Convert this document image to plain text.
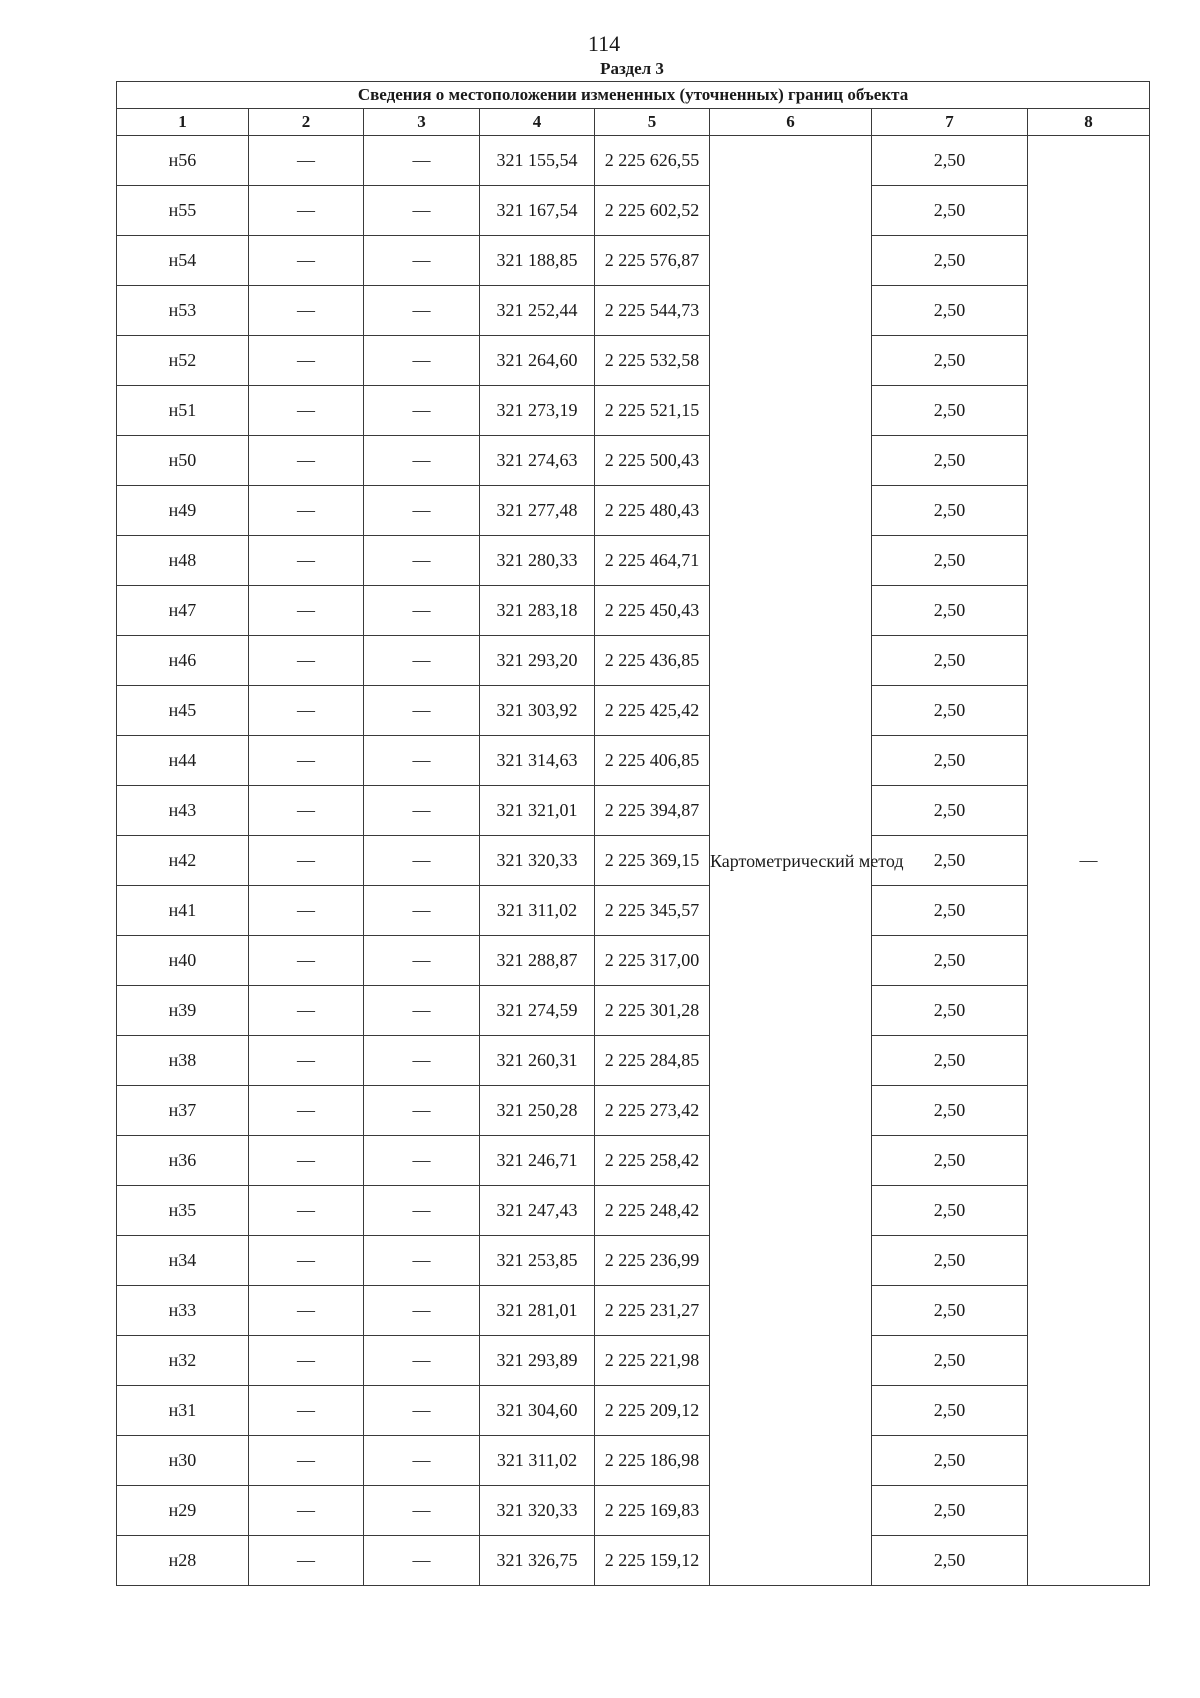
114
Раздел 3
Сведения о местоположении измененных (уточненных) границ объекта							
1	2	3	4	5	6	7	8
н56	—	—	321 155,54	2 225 626,55	Картометрический метод	2,50	—
н55	—	—	321 167,54	2 225 602,52		2,50	
н54	—	—	321 188,85	2 225 576,87		2,50	
н53	—	—	321 252,44	2 225 544,73		2,50	
н52	—	—	321 264,60	2 225 532,58		2,50	
н51	—	—	321 273,19	2 225 521,15		2,50	
н50	—	—	321 274,63	2 225 500,43		2,50	
н49	—	—	321 277,48	2 225 480,43		2,50	
н48	—	—	321 280,33	2 225 464,71		2,50	
н47	—	—	321 283,18	2 225 450,43		2,50	
н46	—	—	321 293,20	2 225 436,85		2,50	
н45	—	—	321 303,92	2 225 425,42		2,50	
н44	—	—	321 314,63	2 225 406,85		2,50	
н43	—	—	321 321,01	2 225 394,87		2,50	
н42	—	—	321 320,33	2 225 369,15		2,50	
н41	—	—	321 311,02	2 225 345,57		2,50	
н40	—	—	321 288,87	2 225 317,00		2,50	
н39	—	—	321 274,59	2 225 301,28		2,50	
н38	—	—	321 260,31	2 225 284,85		2,50	
н37	—	—	321 250,28	2 225 273,42		2,50	
н36	—	—	321 246,71	2 225 258,42		2,50	
н35	—	—	321 247,43	2 225 248,42		2,50	
н34	—	—	321 253,85	2 225 236,99		2,50	
н33	—	—	321 281,01	2 225 231,27		2,50	
н32	—	—	321 293,89	2 225 221,98		2,50	
н31	—	—	321 304,60	2 225 209,12		2,50	
н30	—	—	321 311,02	2 225 186,98		2,50	
н29	—	—	321 320,33	2 225 169,83		2,50	
н28	—	—	321 326,75	2 225 159,12		2,50	
